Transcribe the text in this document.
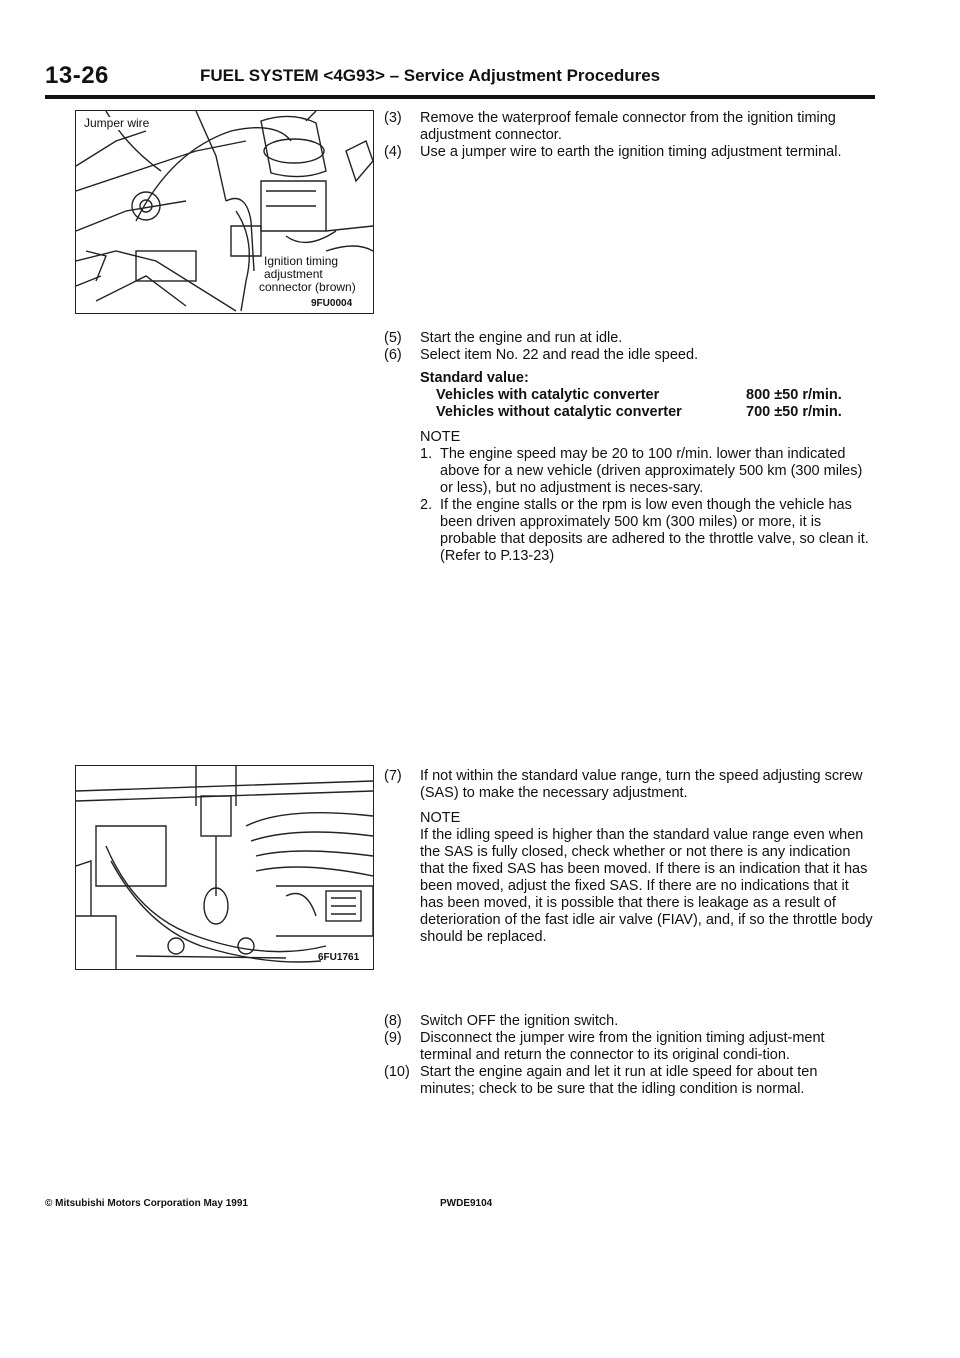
13-26	FUEL SYSTEM <4G93> – Service Adjustment Procedures
Jumper wire
Ignition timing
adjustment
connector (brown)
9FU0004
6FU1761

(3) Remove the waterproof female connector from the ignition timing adjustment connector.

(4) Use a jumper wire to earth the ignition timing adjustment terminal.

(5) Start the engine and run at idle.

(6) Select item No. 22 and read the idle speed.

Standard value:

Vehicles with catalytic converter	800 ±50 r/min.
Vehicles without catalytic converter	700 ±50 r/min.

NOTE

1. The engine speed may be 20 to 100 r/min. lower than indicated above for a new vehicle (driven approximately 500 km (300 miles) or less), but no adjustment is neces-sary.

2. If the engine stalls or the rpm is low even though the vehicle has been driven approximately 500 km (300 miles) or more, it is probable that deposits are adhered to the throttle valve, so clean it. (Refer to P.13-23)

(7) If not within the standard value range, turn the speed adjusting screw (SAS) to make the necessary adjustment.

NOTE

If the idling speed is higher than the standard value range even when the SAS is fully closed, check whether or not there is any indication that the fixed SAS has been moved. If there is an indication that it has been moved, adjust the fixed SAS. If there are no indications that it has been moved, it is possible that there is leakage as a result of deterioration of the fast idle air valve (FIAV), and, if so the throttle body should be replaced.

(8) Switch OFF the ignition switch.

(9) Disconnect the jumper wire from the ignition timing adjust-ment terminal and return the connector to its original condi-tion.

(10) Start the engine again and let it run at idle speed for about ten minutes; check to be sure that the idling condition is normal.

© Mitsubishi Motors Corporation May 1991	PWDE9104
